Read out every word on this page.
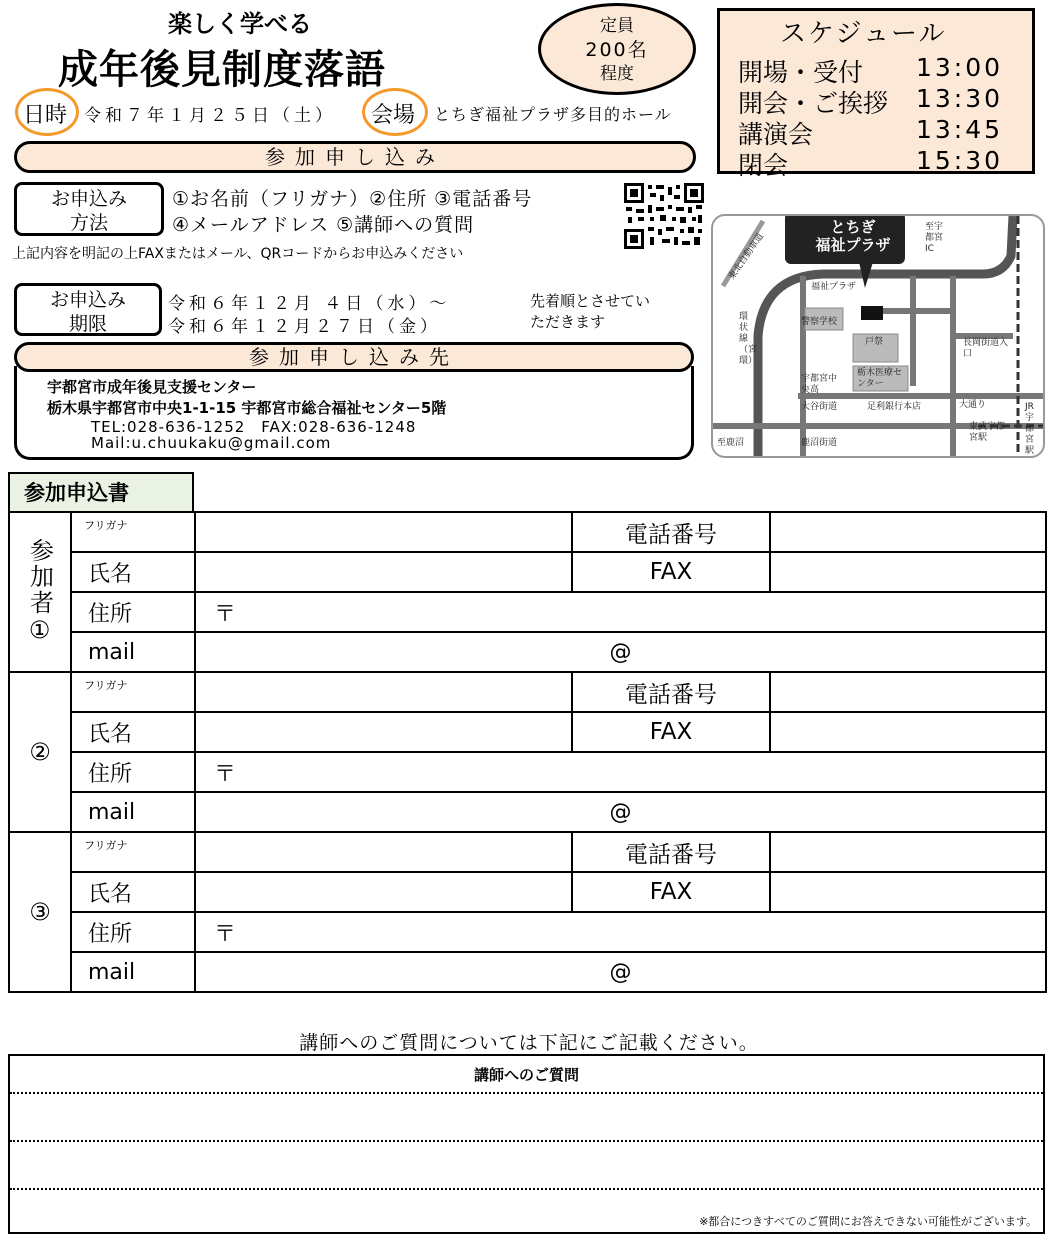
楽しく学べる
成年後見制度落語
定員
200名
程度
日時 令和７年１月２５日（土） 会場 とちぎ福祉プラザ多目的ホール
スケジュール
開場・受付 13:00
開会・ご挨拶 13:30
講演会	13:45
閉会	15:30
参加申し込み
お申込み
方法
①お名前（フリガナ）②住所 ③電話番号
④メールアドレス ⑤講師への質問
上記内容を明記の上FAXまたはメール、QRコードからお申込みください
お申込み
期限
令和６年１２月 ４日（水）～
令和６年１２月２７日（金）
先着順とさせてい
ただきます
参加申し込み先
宇都宮市成年後見支援センター
栃木県宇都宮市中央1-1-15 宇都宮市総合福祉センター5階
TEL:028-636-1252　FAX:028-636-1248
Mail:u.chuukaku@gmail.com
とちぎ
福祉プラザ
東北自動車道
至宇都宮IC
福祉プラザ
警察学校
戸祭	長岡街道入口
環状線（宮環）
宇都宮中央高
栃木医療センター
大谷街道	足利銀行本店	大通り	JR宇都宮駅
東武宇都宮駅
至鹿沼	鹿沼街道
参加申込書
参加者①	フリガナ		電話番号	
	氏名		FAX	
	住所	〒		
	mail	@		
②	フリガナ		電話番号	
	氏名		FAX	
	住所	〒		
	mail	@		
③	フリガナ		電話番号	
	氏名		FAX	
	住所	〒		
	mail	@		
講師へのご質問については下記にご記載ください。
講師へのご質問
※都合につきすべてのご質問にお答えできない可能性がございます。
